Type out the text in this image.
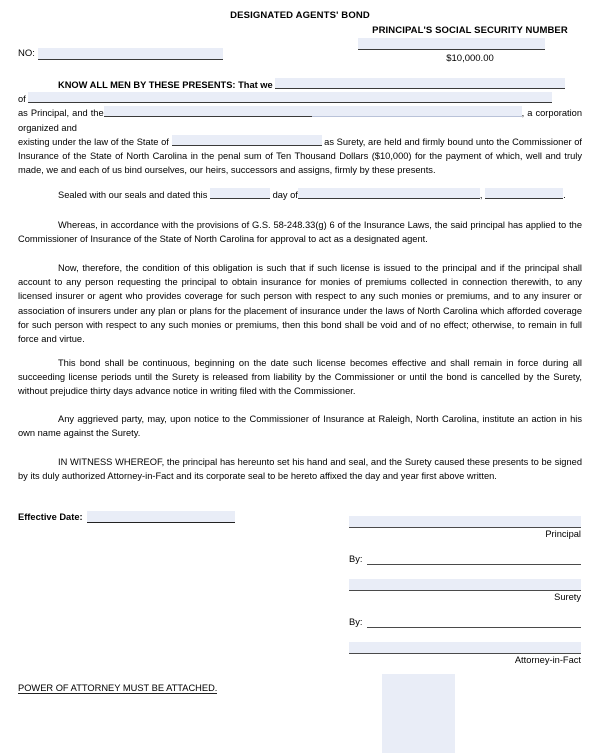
DESIGNATED AGENTS' BOND
PRINCIPAL'S SOCIAL SECURITY NUMBER
$10,000.00
NO:

KNOW ALL MEN BY THESE PRESENTS: That we
of
as Principal, and the	, a corporation organized and
existing under the law of the State of	as Surety, are held and firmly bound unto the Commissioner of Insurance of the State of North Carolina in the penal sum of Ten Thousand Dollars ($10,000) for the payment of which, well and truly made, we and each of us bind ourselves, our heirs, successors and assigns, firmly by these presents.

Sealed with our seals and dated this	day of	,	.

Whereas, in accordance with the provisions of G.S. 58-248.33(g) 6 of the Insurance Laws, the said principal has applied to the Commissioner of Insurance of the State of North Carolina for approval to act as a designated agent.

Now, therefore, the condition of this obligation is such that if such license is issued to the principal and if the principal shall account to any person requesting the principal to obtain insurance for monies of premiums collected in connection therewith, to any licensed insurer or agent who provides coverage for such person with respect to any such monies or premiums, and to any insurer or association of insurers under any plan or plans for the placement of insurance under the laws of North Carolina which afforded coverage for such person with respect to any such monies or premiums, then this bond shall be void and of no effect; otherwise, to remain in full force and virtue.

This bond shall be continuous, beginning on the date such license becomes effective and shall remain in force during all succeeding license periods until the Surety is released from liability by the Commissioner or until the bond is cancelled by the Surety, without prejudice thirty days advance notice in writing filed with the Commissioner.

Any aggrieved party, may, upon notice to the Commissioner of Insurance at Raleigh, North Carolina, institute an action in his own name against the Surety.

IN WITNESS WHEREOF, the principal has hereunto set his hand and seal, and the Surety caused these presents to be signed by its duly authorized Attorney-in-Fact and its corporate seal to be hereto affixed the day and year first above written.

Effective Date:
Principal
By:
Surety
By:
Attorney-in-Fact
POWER OF ATTORNEY MUST BE ATTACHED.
